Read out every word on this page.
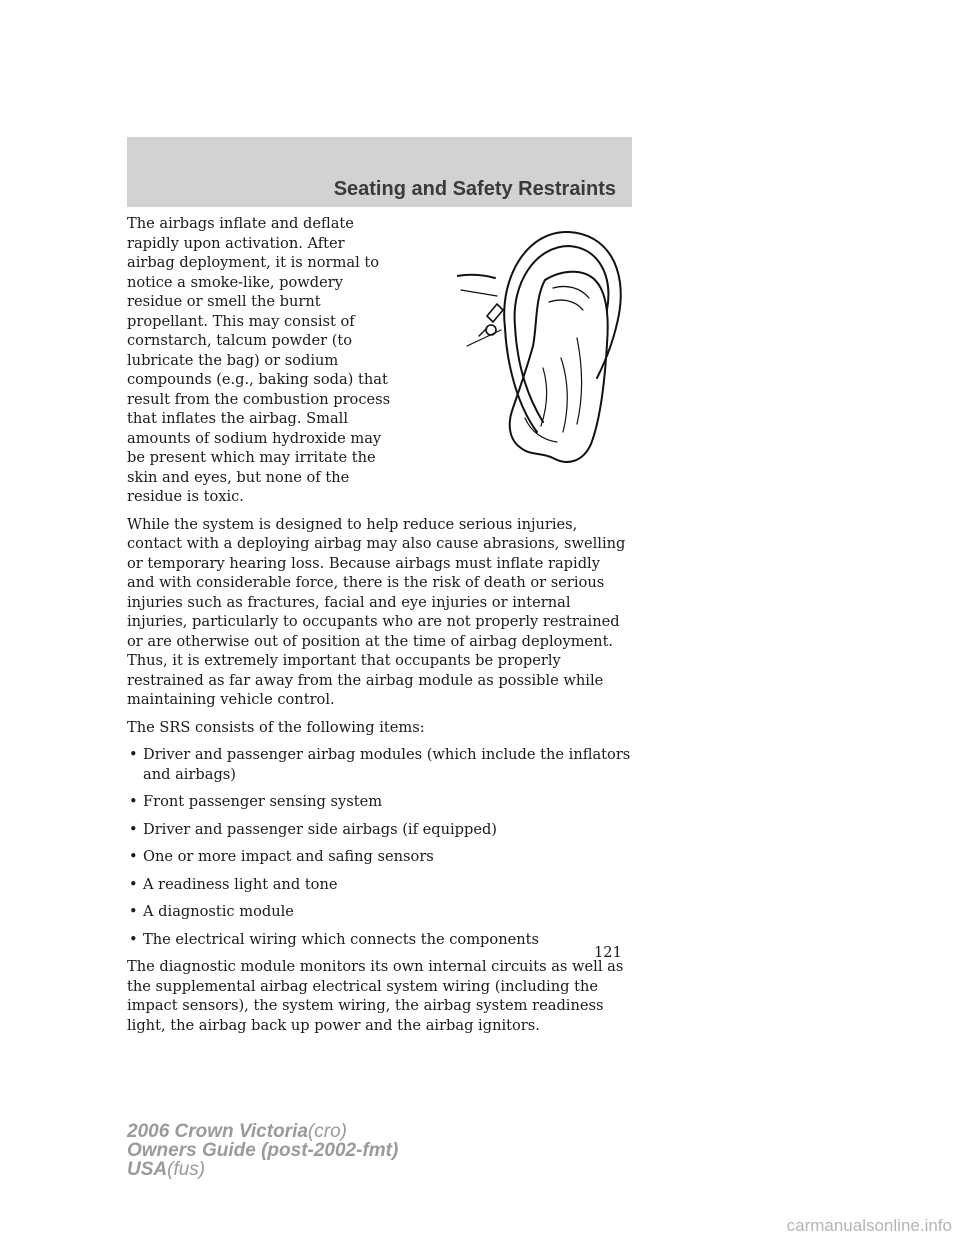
Seating and Safety Restraints

The airbags inflate and deflate rapidly upon activation. After airbag deployment, it is normal to notice a smoke-like, powdery residue or smell the burnt propellant. This may consist of cornstarch, talcum powder (to lubricate the bag) or sodium compounds (e.g., baking soda) that result from the combustion process that inflates the airbag. Small amounts of sodium hydroxide may be present which may irritate the skin and eyes, but none of the residue is toxic.

While the system is designed to help reduce serious injuries, contact with a deploying airbag may also cause abrasions, swelling or temporary hearing loss. Because airbags must inflate rapidly and with considerable force, there is the risk of death or serious injuries such as fractures, facial and eye injuries or internal injuries, particularly to occupants who are not properly restrained or are otherwise out of position at the time of airbag deployment. Thus, it is extremely important that occupants be properly restrained as far away from the airbag module as possible while maintaining vehicle control.

The SRS consists of the following items:

• Driver and passenger airbag modules (which include the inflators and airbags)
• Front passenger sensing system
• Driver and passenger side airbags (if equipped)
• One or more impact and safing sensors
• A readiness light and tone
• A diagnostic module
• The electrical wiring which connects the components

The diagnostic module monitors its own internal circuits as well as the supplemental airbag electrical system wiring (including the impact sensors), the system wiring, the airbag system readiness light, the airbag back up power and the airbag ignitors.

121
2006 Crown Victoria(cro)
Owners Guide (post-2002-fmt)
USA(fus)
carmanualsonline.info
